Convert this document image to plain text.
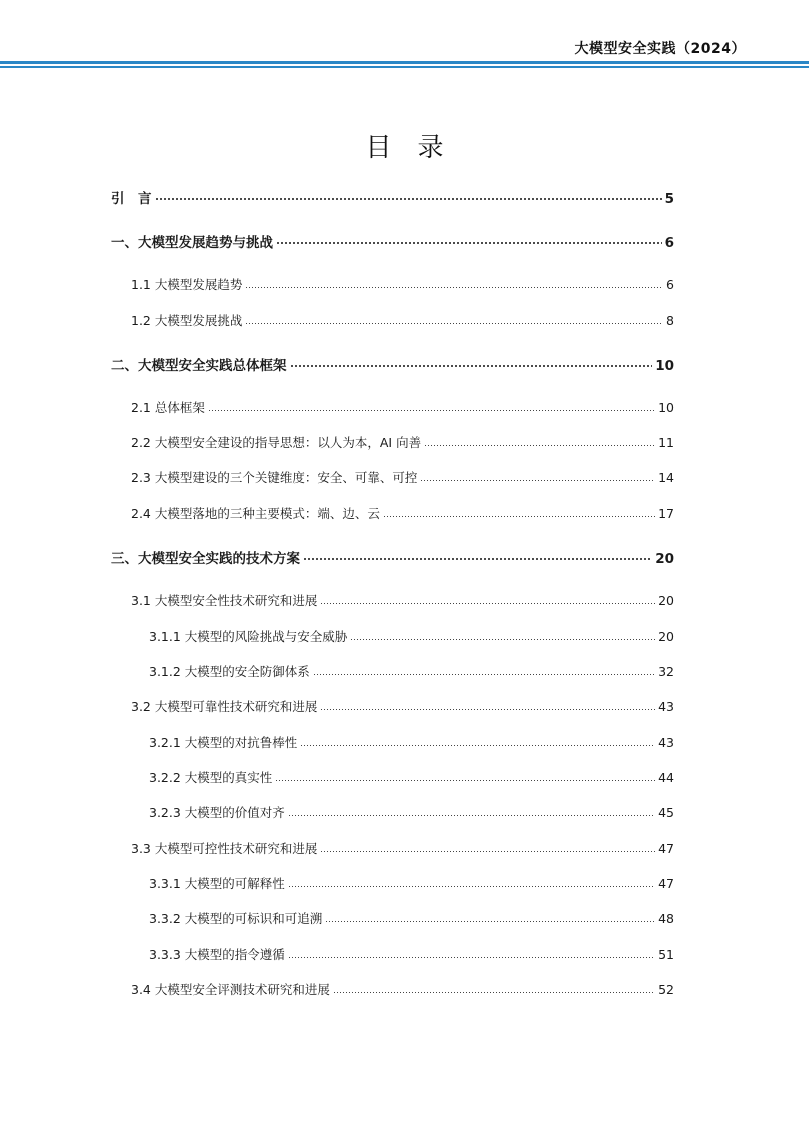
大模型安全实践（2024）
目录
引　言	5
一、大模型发展趋势与挑战	6
1.1 大模型发展趋势	6
1.2 大模型发展挑战	8
二、大模型安全实践总体框架	10
2.1 总体框架	10
2.2 大模型安全建设的指导思想：以人为本，AI 向善	11
2.3 大模型建设的三个关键维度：安全、可靠、可控	14
2.4 大模型落地的三种主要模式：端、边、云	17
三、大模型安全实践的技术方案	20
3.1 大模型安全性技术研究和进展	20
3.1.1 大模型的风险挑战与安全威胁	20
3.1.2 大模型的安全防御体系	32
3.2 大模型可靠性技术研究和进展	43
3.2.1 大模型的对抗鲁棒性	43
3.2.2 大模型的真实性	44
3.2.3 大模型的价值对齐	45
3.3 大模型可控性技术研究和进展	47
3.3.1 大模型的可解释性	47
3.3.2 大模型的可标识和可追溯	48
3.3.3 大模型的指令遵循	51
3.4 大模型安全评测技术研究和进展	52
